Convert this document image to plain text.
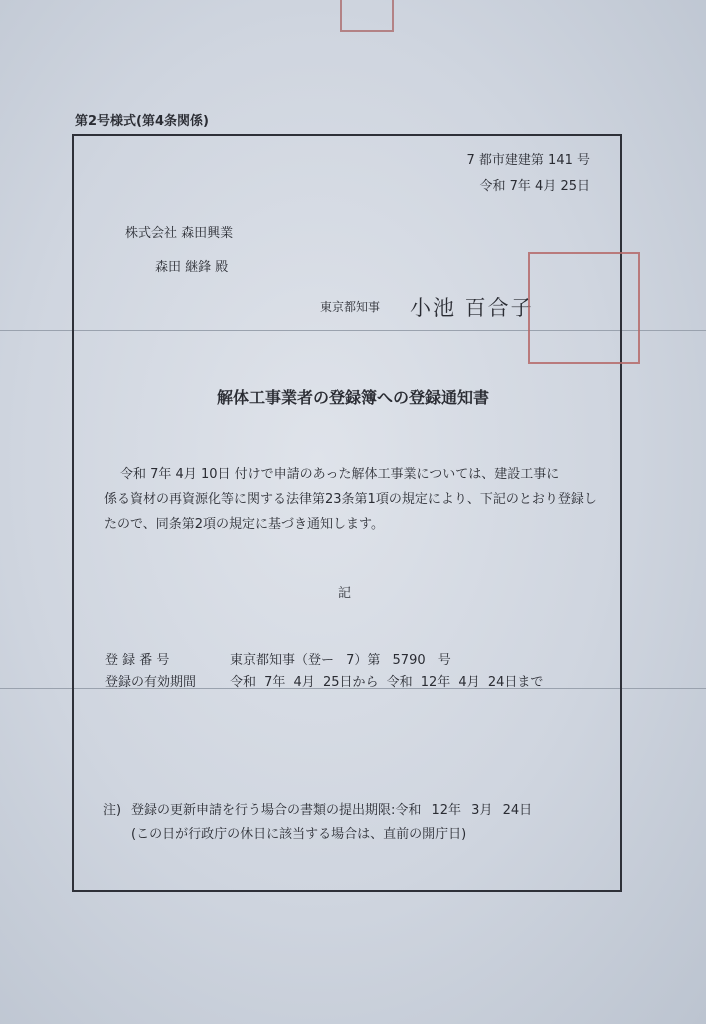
第2号様式(第4条関係)
7 都市建建第 141 号
令和 7年 4月 25日
株式会社 森田興業
森田 継鋒 殿
東京都知事 小池 百合子
解体工事業者の登録簿への登録通知書
令和 7年 4月 10日 付けで申請のあった解体工事業については、建設工事に
係る資材の再資源化等に関する法律第23条第1項の規定により、下記のとおり登録し
たので、同条第2項の規定に基づき通知します。
記
登 録 番 号	東京都知事（登ー 7）第 5790 号
登録の有効期間	令和 7年 4月 25日から 令和 12年 4月 24日まで
注) 登録の更新申請を行う場合の書類の提出期限:令和 12年 3月 24日
(この日が行政庁の休日に該当する場合は、直前の開庁日)
